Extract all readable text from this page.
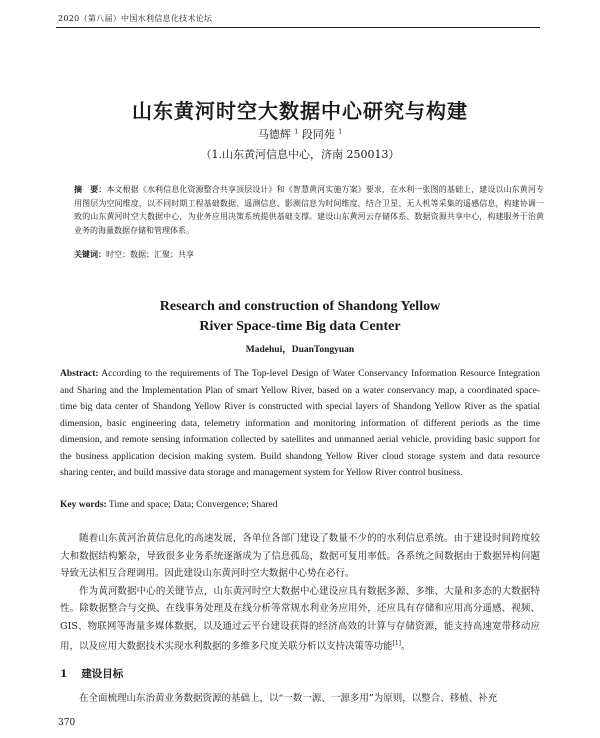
2020（第八届）中国水利信息化技术论坛
山东黄河时空大数据中心研究与构建
马德辉 $^1$ 段同苑 $^1$
（1.山东黄河信息中心，济南 250013）
摘　要：本文根据《水利信息化资源整合共享顶层设计》和《智慧黄河实施方案》要求，在水利一张图的基础上，建设以山东黄河专用图层为空间维度，以不同时期工程基础数据、遥测信息、影测信息为时间维度，结合卫星、无人机等采集的遥感信息，构建协调一致的山东黄河时空大数据中心，为业务应用决策系统提供基础支撑。建设山东黄河云存储体系、数据资源共享中心，构建服务于治黄业务的海量数据存储和管理体系。
关键词：时空；数据；汇聚；共享
Research and construction of Shandong Yellow
River Space-time Big data Center
Madehui，DuanTongyuan
Abstract: According to the requirements of The Top-level Design of Water Conservancy Information Resource Integration and Sharing and the Implementation Plan of smart Yellow River, based on a water conservancy map, a coordinated space-time big data center of Shandong Yellow River is constructed with special layers of Shandong Yellow River as the spatial dimension, basic engineering data, telemetry information and monitoring information of different periods as the time dimension, and remote sensing information collected by satellites and unmanned aerial vehicle, providing basic support for the business application decision making system. Build shandong Yellow River cloud storage system and data resource sharing center, and build massive data storage and management system for Yellow River control business.
Key words: Time and space; Data; Convergence; Shared

随着山东黄河治黄信息化的高速发展，各单位各部门建设了数量不少的的水利信息系统。由于建设时间跨度较大和数据结构繁杂，导致很多业务系统逐渐成为了信息孤岛，数据可复用率低。各系统之间数据由于数据异构问题导致无法相互合理调用。因此建设山东黄河时空大数据中心势在必行。

作为黄河数据中心的关键节点，山东黄河时空大数据中心建设应具有数据多源、多维、大量和多态的大数据特性。除数据整合与交换、在线事务处理及在线分析等常规水利业务应用外，还应具有存储和应用高分遥感、视频、GIS、物联网等海量多媒体数据，以及通过云平台建设获得的经济高效的计算与存储资源，能支持高速宽带移动应用，以及应用大数据技术实现水利数据的多维多尺度关联分析以支持决策等功能[1]。

1 建设目标
在全面梳理山东治黄业务数据资源的基础上，以“一数一源、一源多用”为原则，以整合、移植、补充
370
